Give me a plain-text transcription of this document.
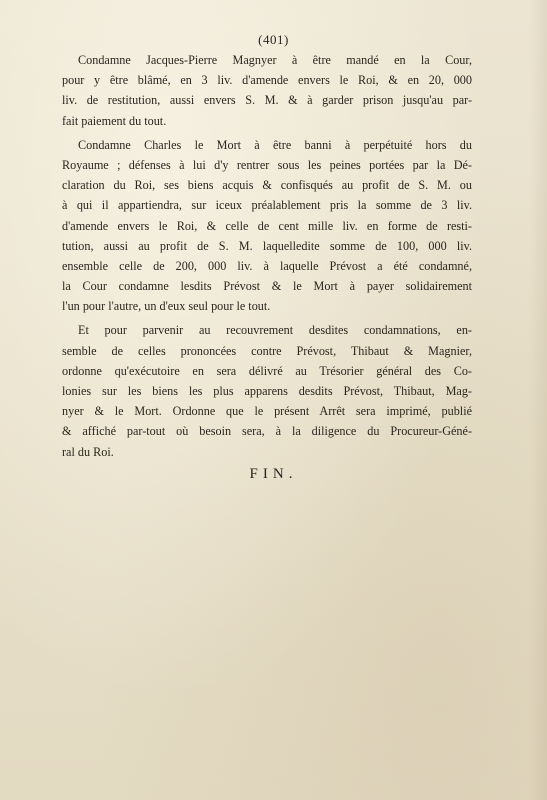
(401)
Condamne Jacques-Pierre Magnyer à être mandé en la Cour,
pour y être blâmé, en 3 liv. d'amende envers le Roi, & en 20, 000
liv. de restitution, aussi envers S. M. & à garder prison jusqu'au par-
fait paiement du tout.
Condamne Charles le Mort à être banni à perpétuité hors du
Royaume ; défenses à lui d'y rentrer sous les peines portées par la Dé-
claration du Roi, ses biens acquis & confisqués au profit de S. M. ou
à qui il appartiendra, sur iceux préalablement pris la somme de 3 liv.
d'amende envers le Roi, & celle de cent mille liv. en forme de resti-
tution, aussi au profit de S. M. laquelledite somme de 100, 000 liv.
ensemble celle de 200, 000 liv. à laquelle Prévost a été condamné,
la Cour condamne lesdits Prévost & le Mort à payer solidairement
l'un pour l'autre, un d'eux seul pour le tout.
Et pour parvenir au recouvrement desdites condamnations, en-
semble de celles prononcées contre Prévost, Thibaut & Magnier,
ordonne qu'exécutoire en sera délivré au Trésorier général des Co-
lonies sur les biens les plus apparens desdits Prévost, Thibaut, Mag-
nyer & le Mort. Ordonne que le présent Arrêt sera imprimé, publié
& affiché par-tout où besoin sera, à la diligence du Procureur-Géné-
ral du Roi.
FIN.
